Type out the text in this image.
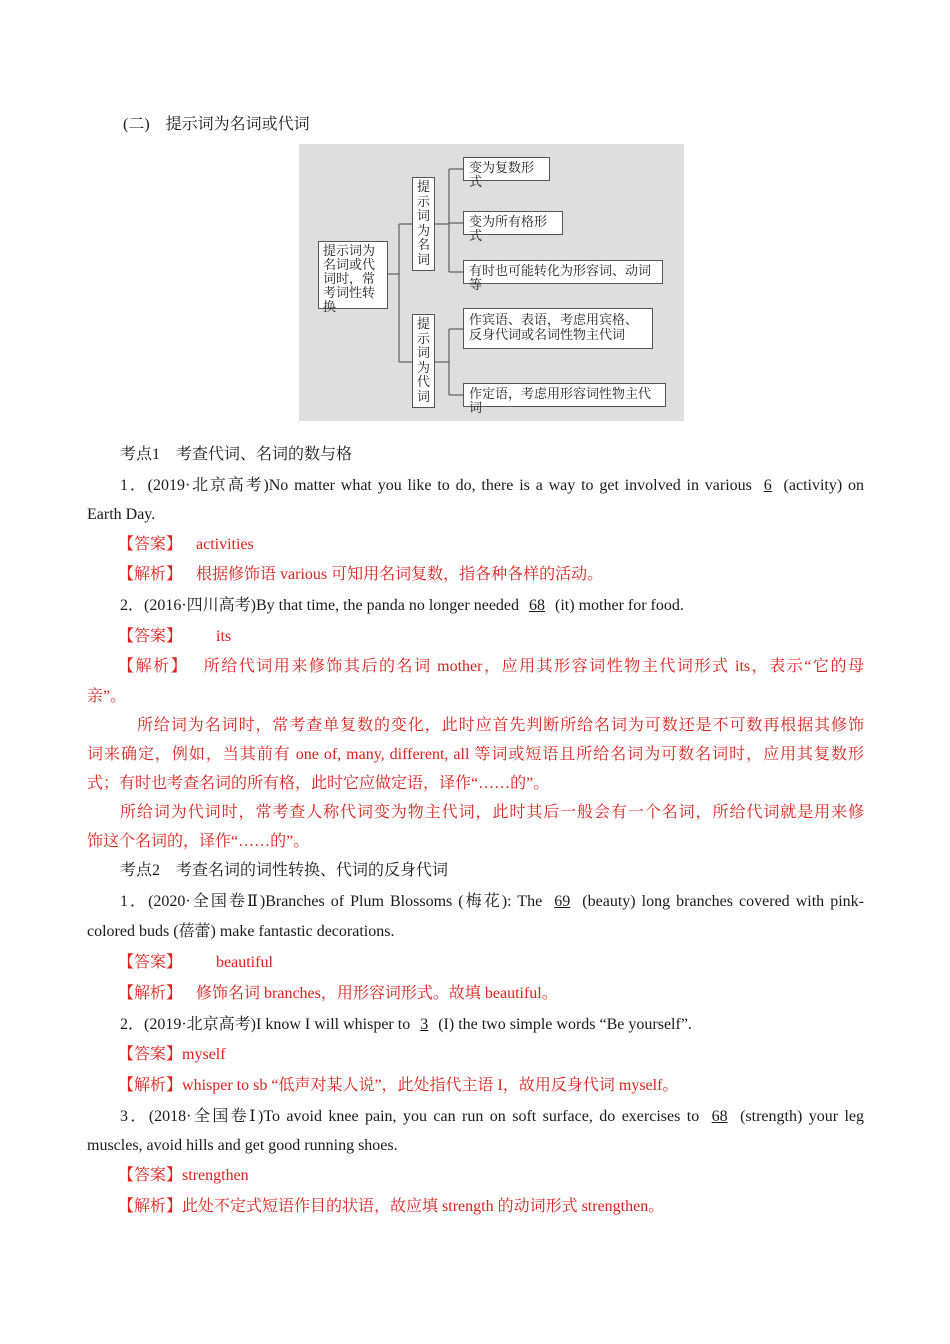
(二)　提示词为名词或代词
提示词为名词或代词时，常考词性转换
提示词为名词
提示词为代词
变为复数形式
变为所有格形式
有时也可能转化为形容词、动词等
作宾语、表语，考虑用宾格、反身代词或名词性物主代词
作定语，考虑用形容词性物主代词
考点1　考查代词、名词的数与格
1．(2019·北京高考)No matter what you like to do, there is a way to get involved in various 6 (activity) on
Earth Day.
【答案】 activities
【解析】 根据修饰语 various 可知用名词复数，指各种各样的活动。
2．(2016·四川高考)By that time, the panda no longer needed 68 (it) mother for food.
【答案】 its
【解析】 所给代词用来修饰其后的名词 mother，应用其形容词性物主代词形式 its，表示“它的母
亲”。
所给词为名词时，常考查单复数的变化，此时应首先判断所给名词为可数还是不可数再根据其修饰
词来确定，例如，当其前有 one of, many, different, all 等词或短语且所给名词为可数名词时，应用其复数形
式；有时也考查名词的所有格，此时它应做定语，译作“……的”。
所给词为代词时，常考查人称代词变为物主代词，此时其后一般会有一个名词，所给代词就是用来修
饰这个名词的，译作“……的”。
考点2　考查名词的词性转换、代词的反身代词
1．(2020·全国卷Ⅱ)Branches of Plum Blossoms (梅花): The 69 (beauty) long branches covered with pink-
colored buds (蓓蕾) make fantastic decorations.
【答案】 beautiful
【解析】 修饰名词 branches，用形容词形式。故填 beautiful。
2．(2019·北京高考)I know I will whisper to 3 (I) the two simple words “Be yourself”.
【答案】myself
【解析】whisper to sb “低声对某人说”，此处指代主语 I，故用反身代词 myself。
3．(2018·全国卷Ⅰ)To avoid knee pain, you can run on soft surface, do exercises to 68 (strength) your leg
muscles, avoid hills and get good running shoes.
【答案】strengthen
【解析】此处不定式短语作目的状语，故应填 strength 的动词形式 strengthen。
